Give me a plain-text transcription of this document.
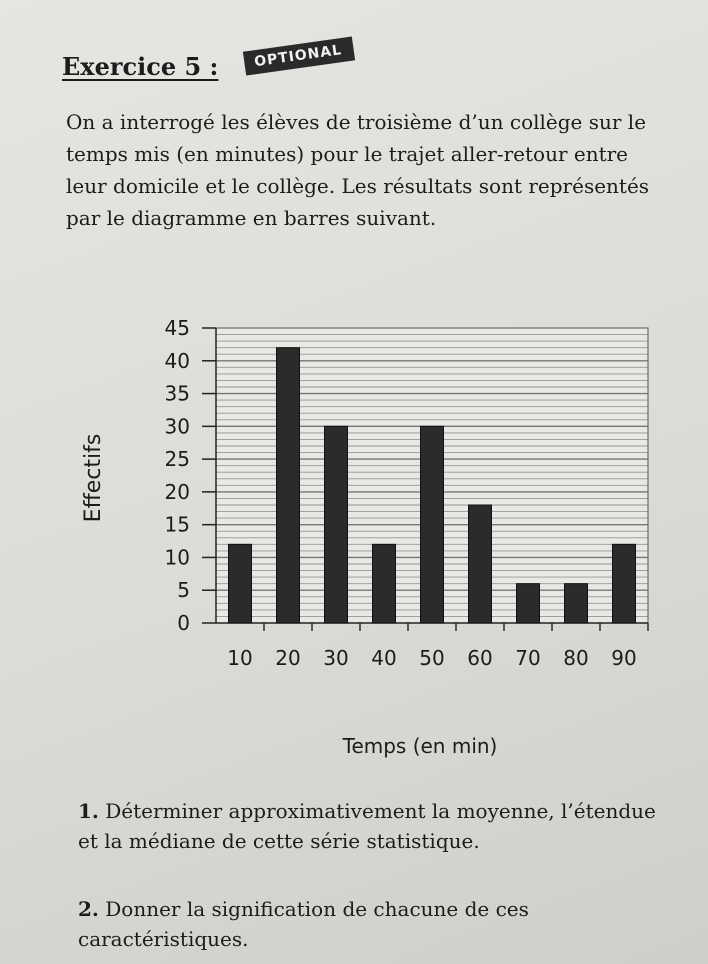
Exercice 5 :	OPTIONAL
On a interrogé les élèves de troisième d’un collège sur le temps mis (en minutes) pour le trajet aller-retour entre leur domicile et le collège. Les résultats sont représentés par le diagramme en barres suivant.
0
5
10
15
20
25
30
35
40
45
10 20 30 40 50 60 70 80 90
Effectifs
Temps (en min)
1. Déterminer approximativement la moyenne, l’étendue et la médiane de cette série statistique.
2. Donner la signification de chacune de ces caractéristiques.
